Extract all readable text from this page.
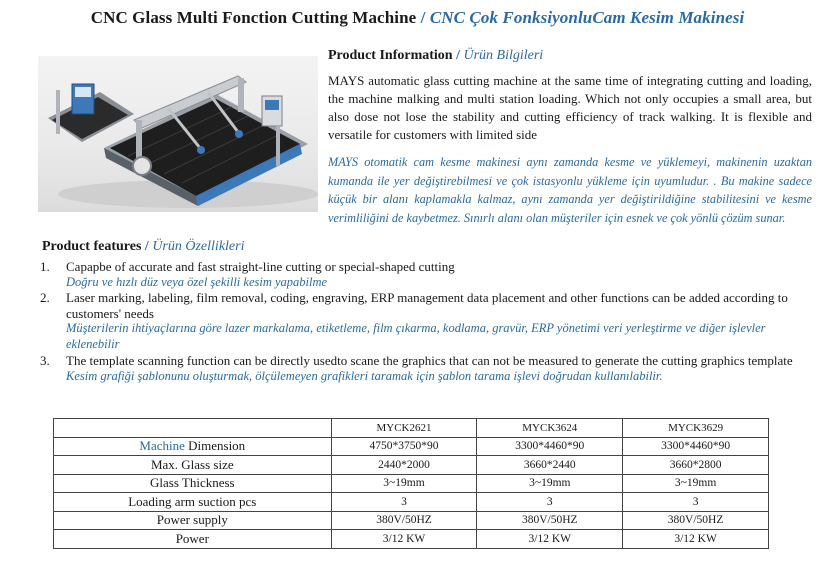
CNC Glass Multi Fonction Cutting Machine / CNC Çok FonksiyonluCam Kesim Makinesi
Product Information / Ürün Bilgileri
MAYS automatic glass cutting machine at the same time of integrating cutting and loading, the machine malking and multi station loading. Which not only occupies a small area, but also dose not lose the stability and cutting efficiency of track walking. It is flexible and versatile for customers with limited side
MAYS otomatik cam kesme makinesi aynı zamanda kesme ve yüklemeyi, makinenin uzaktan kumanda ile yer değiştirebilmesi ve çok istasyonlu yükleme için uyumludur. . Bu makine sadece küçük bir alanı kaplamakla kalmaz, aynı zamanda yer değiştirildiğine stabilitesini ve kesme verimliliğini de kaybetmez. Sınırlı alanı olan müşteriler için esnek ve çok yönlü çözüm sunar.
Product features / Ürün Özellikleri
1. Capapbe of accurate and fast straight-line cutting or special-shaped cutting
Doğru ve hızlı düz veya özel şekilli kesim yapabilme
2. Laser marking, labeling, film removal, coding, engraving, ERP management data placement and other functions can be added according to customers' needs
Müşterilerin ihtiyaçlarına göre lazer markalama, etiketleme, film çıkarma, kodlama, gravür, ERP yönetimi veri yerleştirme ve diğer işlevler eklenebilir
3. The template scanning function can be directly usedto scane the graphics that can not be measured to generate the cutting graphics template
Kesim grafiği şablonunu oluşturmak, ölçülemeyen grafikleri taramak için şablon tarama işlevi doğrudan kullanılabilir.
	MYCK2621	MYCK3624	MYCK3629
Machine Dimension	4750*3750*90	3300*4460*90	3300*4460*90
Max. Glass size	2440*2000	3660*2440	3660*2800
Glass Thickness	3~19mm	3~19mm	3~19mm
Loading arm suction pcs	3	3	3
Power supply	380V/50HZ	380V/50HZ	380V/50HZ
Power	3/12 KW	3/12 KW	3/12 KW
